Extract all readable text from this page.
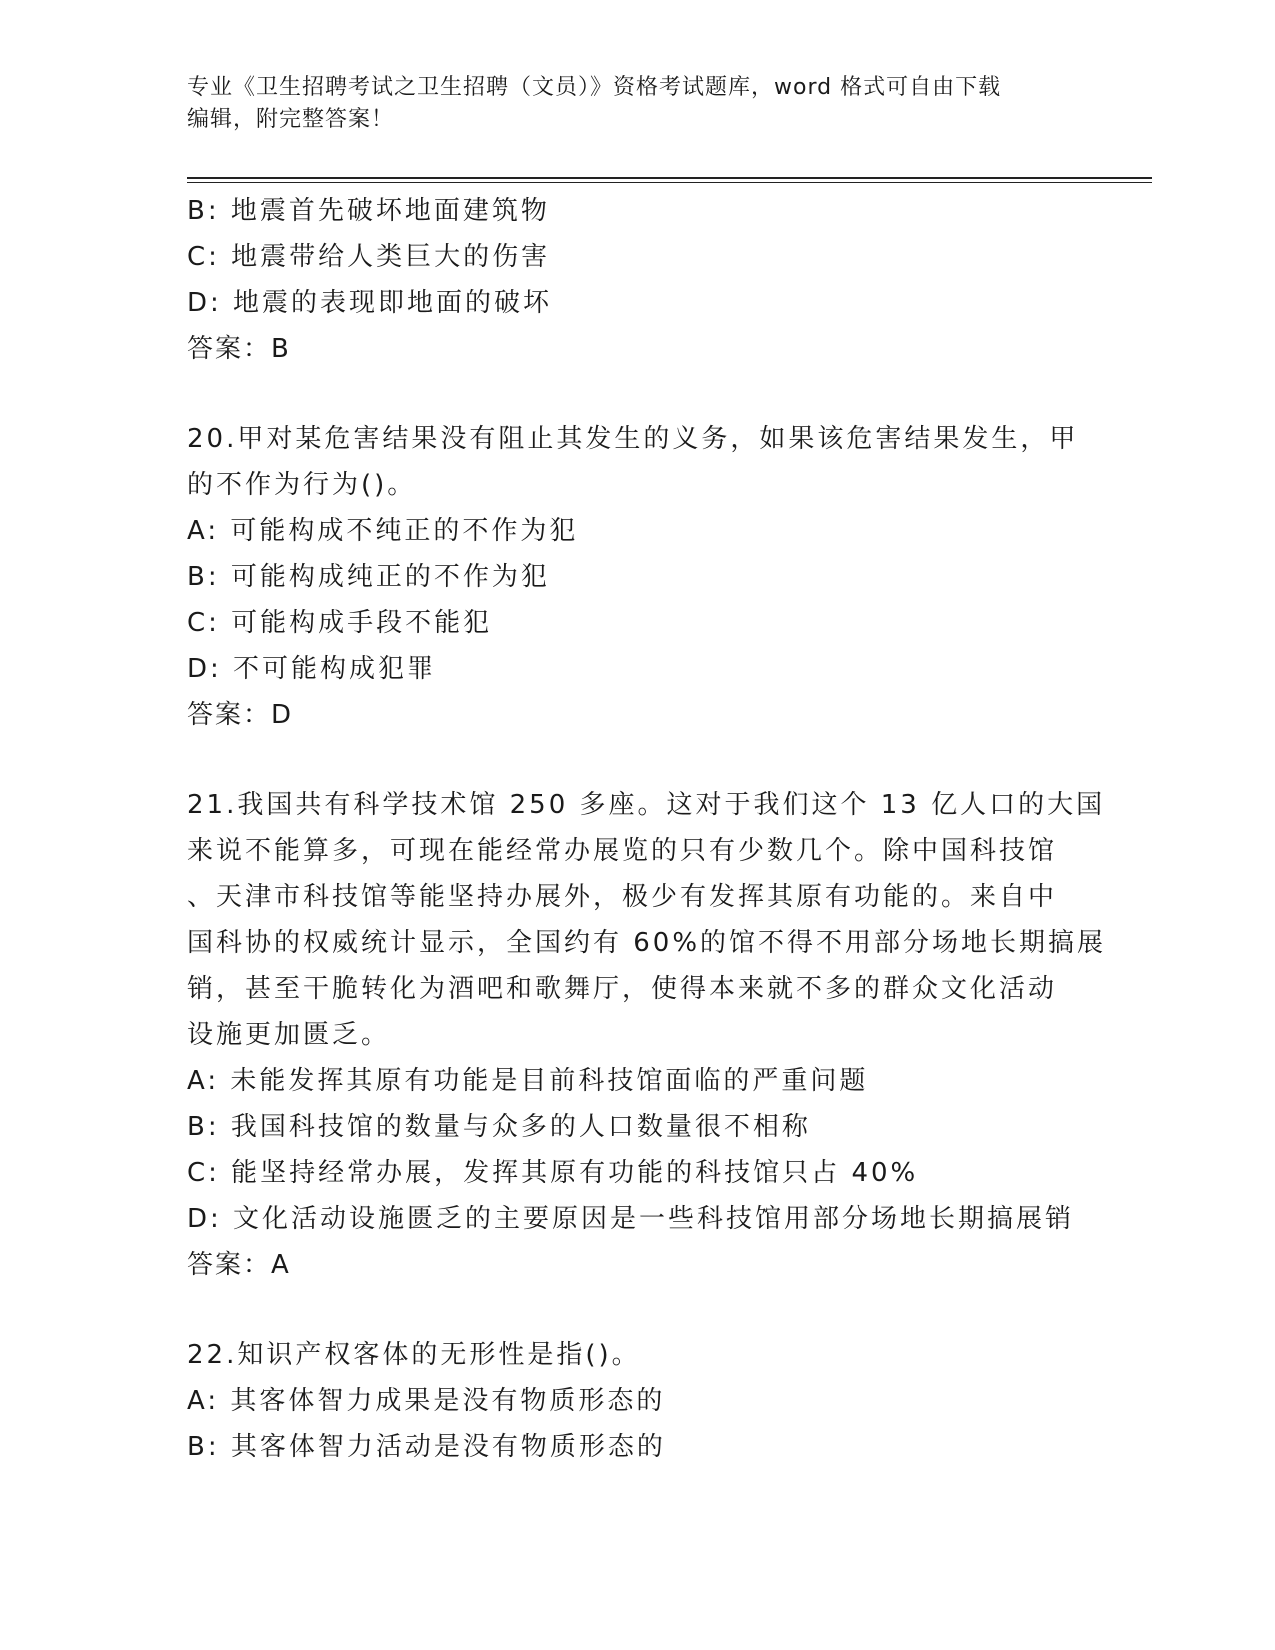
专业《卫生招聘考试之卫生招聘（文员）》资格考试题库，word 格式可自由下载
编辑，附完整答案！
B: 地震首先破坏地面建筑物
C: 地震带给人类巨大的伤害
D: 地震的表现即地面的破坏
答案：B
20.甲对某危害结果没有阻止其发生的义务，如果该危害结果发生，甲
的不作为行为()。
A: 可能构成不纯正的不作为犯
B: 可能构成纯正的不作为犯
C: 可能构成手段不能犯
D: 不可能构成犯罪
答案：D
21.我国共有科学技术馆 250 多座。这对于我们这个 13 亿人口的大国
来说不能算多，可现在能经常办展览的只有少数几个。除中国科技馆
、天津市科技馆等能坚持办展外，极少有发挥其原有功能的。来自中
国科协的权威统计显示，全国约有 60%的馆不得不用部分场地长期搞展
销，甚至干脆转化为酒吧和歌舞厅，使得本来就不多的群众文化活动
设施更加匮乏。
A: 未能发挥其原有功能是目前科技馆面临的严重问题
B: 我国科技馆的数量与众多的人口数量很不相称
C: 能坚持经常办展，发挥其原有功能的科技馆只占 40%
D: 文化活动设施匮乏的主要原因是一些科技馆用部分场地长期搞展销
答案：A
22.知识产权客体的无形性是指()。
A: 其客体智力成果是没有物质形态的
B: 其客体智力活动是没有物质形态的
